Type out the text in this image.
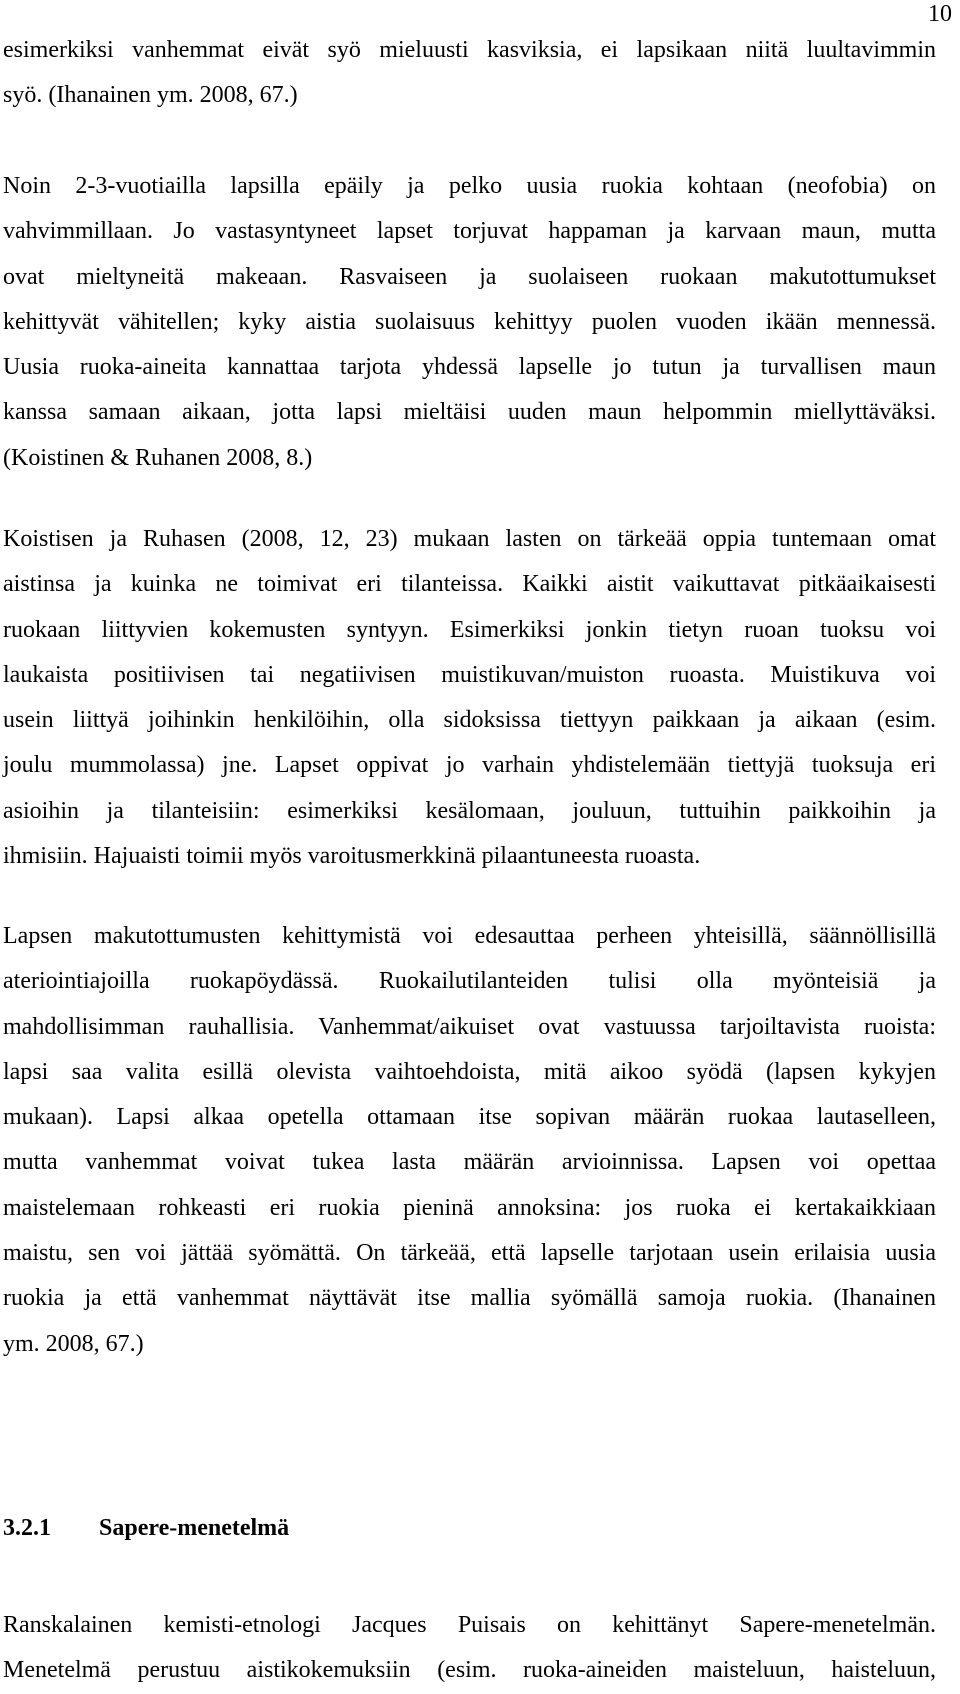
10
esimerkiksi vanhemmat eivät syö mieluusti kasviksia, ei lapsikaan niitä luultavimmin
syö. (Ihanainen ym. 2008, 67.)
Noin 2-3-vuotiailla lapsilla epäily ja pelko uusia ruokia kohtaan (neofobia) on
vahvimmillaan. Jo vastasyntyneet lapset torjuvat happaman ja karvaan maun, mutta
ovat mieltyneitä makeaan. Rasvaiseen ja suolaiseen ruokaan makutottumukset
kehittyvät vähitellen; kyky aistia suolaisuus kehittyy puolen vuoden ikään mennessä.
Uusia ruoka-aineita kannattaa tarjota yhdessä lapselle jo tutun ja turvallisen maun
kanssa samaan aikaan, jotta lapsi mieltäisi uuden maun helpommin miellyttäväksi.
(Koistinen & Ruhanen 2008, 8.)
Koistisen ja Ruhasen (2008, 12, 23) mukaan lasten on tärkeää oppia tuntemaan omat
aistinsa ja kuinka ne toimivat eri tilanteissa. Kaikki aistit vaikuttavat pitkäaikaisesti
ruokaan liittyvien kokemusten syntyyn. Esimerkiksi jonkin tietyn ruoan tuoksu voi
laukaista positiivisen tai negatiivisen muistikuvan/muiston ruoasta. Muistikuva voi
usein liittyä joihinkin henkilöihin, olla sidoksissa tiettyyn paikkaan ja aikaan (esim.
joulu mummolassa) jne. Lapset oppivat jo varhain yhdistelemään tiettyjä tuoksuja eri
asioihin ja tilanteisiin: esimerkiksi kesälomaan, jouluun, tuttuihin paikkoihin ja
ihmisiin. Hajuaisti toimii myös varoitusmerkkinä pilaantuneesta ruoasta.
Lapsen makutottumusten kehittymistä voi edesauttaa perheen yhteisillä, säännöllisillä
ateriointiajoilla ruokapöydässä. Ruokailutilanteiden tulisi olla myönteisiä ja
mahdollisimman rauhallisia. Vanhemmat/aikuiset ovat vastuussa tarjoiltavista ruoista:
lapsi saa valita esillä olevista vaihtoehdoista, mitä aikoo syödä (lapsen kykyjen
mukaan). Lapsi alkaa opetella ottamaan itse sopivan määrän ruokaa lautaselleen,
mutta vanhemmat voivat tukea lasta määrän arvioinnissa. Lapsen voi opettaa
maistelemaan rohkeasti eri ruokia pieninä annoksina: jos ruoka ei kertakaikkiaan
maistu, sen voi jättää syömättä. On tärkeää, että lapselle tarjotaan usein erilaisia uusia
ruokia ja että vanhemmat näyttävät itse mallia syömällä samoja ruokia. (Ihanainen
ym. 2008, 67.)
3.2.1 Sapere-menetelmä
Ranskalainen kemisti-etnologi Jacques Puisais on kehittänyt Sapere-menetelmän.
Menetelmä perustuu aistikokemuksiin (esim. ruoka-aineiden maisteluun, haisteluun,
